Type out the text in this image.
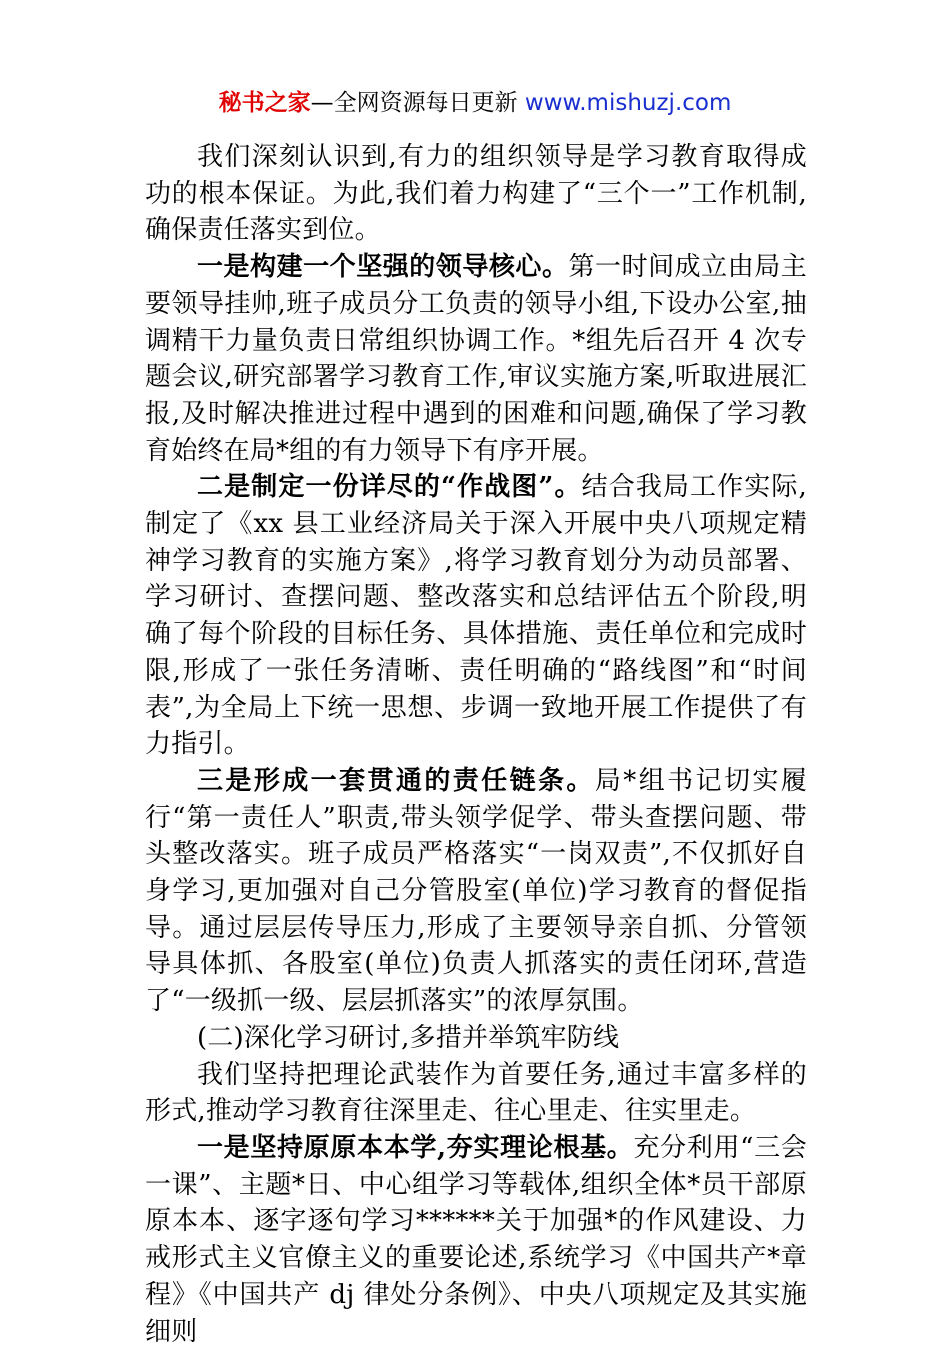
秘书之家—全网资源每日更新 www.mishuzj.com

我们深刻认识到,有力的组织领导是学习教育取得成功的根本保证。为此,我们着力构建了“三个一”工作机制,确保责任落实到位。

一是构建一个坚强的领导核心。第一时间成立由局主要领导挂帅,班子成员分工负责的领导小组,下设办公室,抽调精干力量负责日常组织协调工作。*组先后召开 4 次专题会议,研究部署学习教育工作,审议实施方案,听取进展汇报,及时解决推进过程中遇到的困难和问题,确保了学习教育始终在局*组的有力领导下有序开展。

二是制定一份详尽的“作战图”。结合我局工作实际,制定了《xx 县工业经济局关于深入开展中央八项规定精神学习教育的实施方案》,将学习教育划分为动员部署、学习研讨、查摆问题、整改落实和总结评估五个阶段,明确了每个阶段的目标任务、具体措施、责任单位和完成时限,形成了一张任务清晰、责任明确的“路线图”和“时间表”,为全局上下统一思想、步调一致地开展工作提供了有力指引。

三是形成一套贯通的责任链条。局*组书记切实履行“第一责任人”职责,带头领学促学、带头查摆问题、带头整改落实。班子成员严格落实“一岗双责”,不仅抓好自身学习,更加强对自己分管股室(单位)学习教育的督促指导。通过层层传导压力,形成了主要领导亲自抓、分管领导具体抓、各股室(单位)负责人抓落实的责任闭环,营造了“一级抓一级、层层抓落实”的浓厚氛围。

(二)深化学习研讨,多措并举筑牢防线

我们坚持把理论武装作为首要任务,通过丰富多样的形式,推动学习教育往深里走、往心里走、往实里走。

一是坚持原原本本学,夯实理论根基。充分利用“三会一课”、主题*日、中心组学习等载体,组织全体*员干部原原本本、逐字逐句学习******关于加强*的作风建设、力戒形式主义官僚主义的重要论述,系统学习《中国共产*章程》《中国共产 dj 律处分条例》、中央八项规定及其实施细则
